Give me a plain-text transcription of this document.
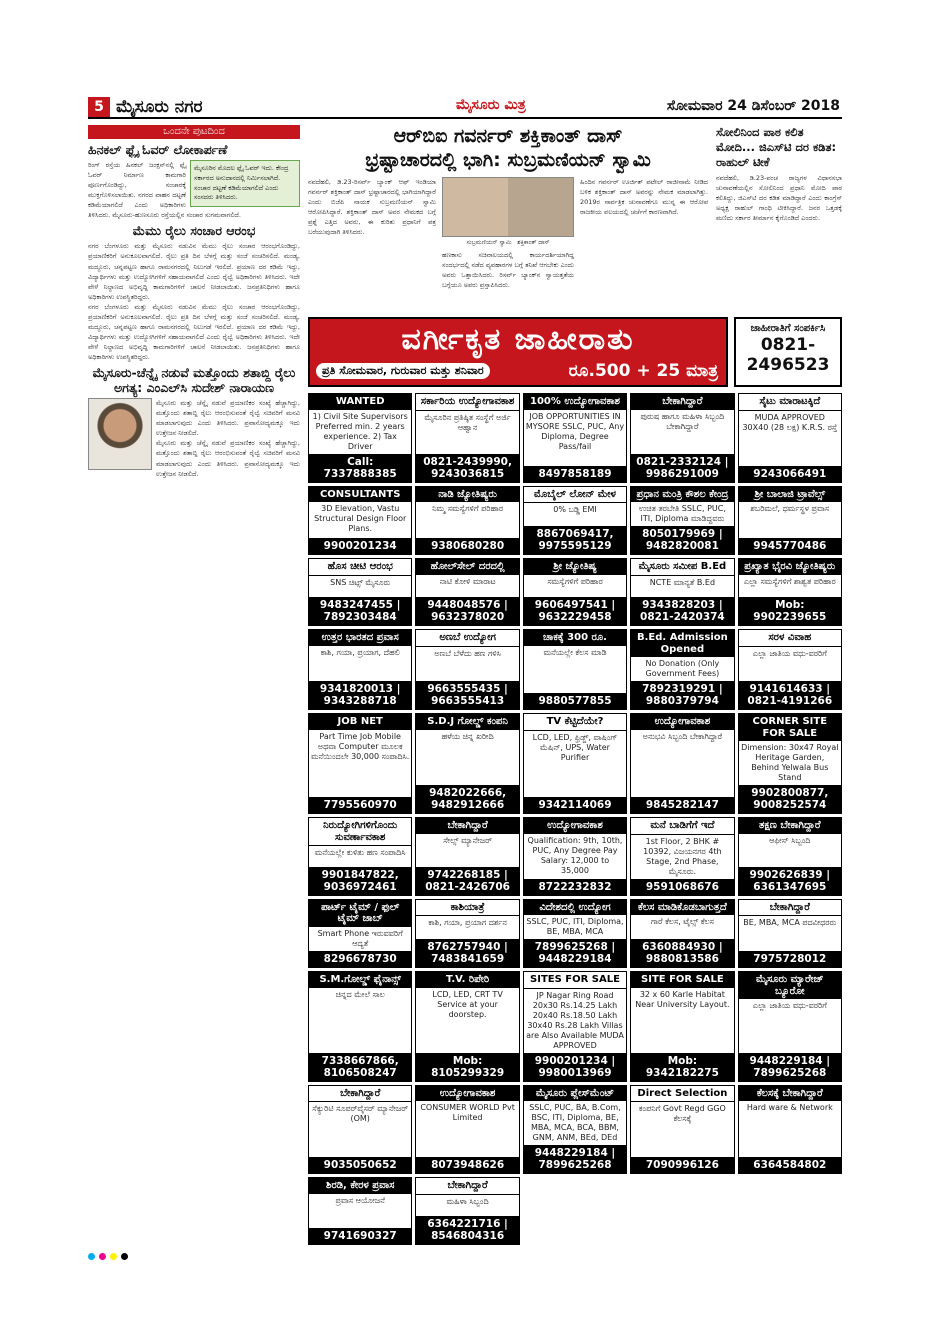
5 ಮೈಸೂರು ನಗರ	ಮೈಸೂರು ಮಿತ್ರ	ಸೋಮವಾರ 24 ಡಿಸೆಂಬರ್ 2018
ಒಂದನೇ ಪುಟದಿಂದ
ಹಿನಕಲ್ ಫ್ಲೈ ಓವರ್ ಲೋಕಾರ್ಪಣೆ
ಮೈಸೂರಿನ ಮೊದಲ ಫ್ಲೈ ಓವರ್ ಇದು. ಕೇಂದ್ರ ಸರ್ಕಾರದ ಅನುದಾನದಲ್ಲಿ ನಿರ್ಮಿಸಲಾಗಿದೆ. ಸಂಚಾರ ದಟ್ಟಣೆ ಕಡಿಮೆಯಾಗಲಿದೆ ಎಂದು ಸಂಸದರು ತಿಳಿಸಿದರು.
ರಿಂಗ್ ರಸ್ತೆಯ ಹಿನಕಲ್ ಜಂಕ್ಷನ್‌ನಲ್ಲಿ ಫ್ಲೈ ಓವರ್ ನಿರ್ಮಾಣ ಕಾಮಗಾರಿ ಪೂರ್ಣಗೊಂಡಿದ್ದು, ಸಂಚಾರಕ್ಕೆ ಮುಕ್ತಗೊಳಿಸಲಾಯಿತು. ನಗರದ ವಾಹನ ದಟ್ಟಣೆ ಕಡಿಮೆಯಾಗಲಿದೆ ಎಂದು ಅಧಿಕಾರಿಗಳು ತಿಳಿಸಿದರು. ಮೈಸೂರು-ಹುಣಸೂರು ರಸ್ತೆಯಲ್ಲಿನ ಸಂಚಾರ ಸುಗಮವಾಗಲಿದೆ.
ಮೆಮು ರೈಲು ಸಂಚಾರ ಆರಂಭ
ನಗರ ಬೆಂಗಳೂರು ಮತ್ತು ಮೈಸೂರು ನಡುವಿನ ಮೆಮು ರೈಲು ಸಂಚಾರ ಆರಂಭಗೊಂಡಿದ್ದು, ಪ್ರಯಾಣಿಕರಿಗೆ ಅನುಕೂಲವಾಗಲಿದೆ. ರೈಲು ಪ್ರತಿ ದಿನ ಬೆಳಗ್ಗೆ ಮತ್ತು ಸಂಜೆ ಸಂಚರಿಸಲಿದೆ. ಮಂಡ್ಯ, ಮದ್ದೂರು, ಚನ್ನಪಟ್ಟಣ ಹಾಗೂ ರಾಮನಗರದಲ್ಲಿ ನಿಲುಗಡೆ ಇರಲಿದೆ. ಪ್ರಯಾಣ ದರ ಕಡಿಮೆ ಇದ್ದು, ವಿದ್ಯಾರ್ಥಿಗಳು ಮತ್ತು ಉದ್ಯೋಗಿಗಳಿಗೆ ಸಹಾಯವಾಗಲಿದೆ ಎಂದು ರೈಲ್ವೆ ಅಧಿಕಾರಿಗಳು ತಿಳಿಸಿದರು. ಇದೇ ವೇಳೆ ನಿಲ್ದಾಣದ ಅಭಿವೃದ್ಧಿ ಕಾಮಗಾರಿಗಳಿಗೆ ಚಾಲನೆ ನೀಡಲಾಯಿತು. ಜನಪ್ರತಿನಿಧಿಗಳು ಹಾಗೂ ಅಧಿಕಾರಿಗಳು ಉಪಸ್ಥಿತರಿದ್ದರು.
ನಗರ ಬೆಂಗಳೂರು ಮತ್ತು ಮೈಸೂರು ನಡುವಿನ ಮೆಮು ರೈಲು ಸಂಚಾರ ಆರಂಭಗೊಂಡಿದ್ದು, ಪ್ರಯಾಣಿಕರಿಗೆ ಅನುಕೂಲವಾಗಲಿದೆ. ರೈಲು ಪ್ರತಿ ದಿನ ಬೆಳಗ್ಗೆ ಮತ್ತು ಸಂಜೆ ಸಂಚರಿಸಲಿದೆ. ಮಂಡ್ಯ, ಮದ್ದೂರು, ಚನ್ನಪಟ್ಟಣ ಹಾಗೂ ರಾಮನಗರದಲ್ಲಿ ನಿಲುಗಡೆ ಇರಲಿದೆ. ಪ್ರಯಾಣ ದರ ಕಡಿಮೆ ಇದ್ದು, ವಿದ್ಯಾರ್ಥಿಗಳು ಮತ್ತು ಉದ್ಯೋಗಿಗಳಿಗೆ ಸಹಾಯವಾಗಲಿದೆ ಎಂದು ರೈಲ್ವೆ ಅಧಿಕಾರಿಗಳು ತಿಳಿಸಿದರು. ಇದೇ ವೇಳೆ ನಿಲ್ದಾಣದ ಅಭಿವೃದ್ಧಿ ಕಾಮಗಾರಿಗಳಿಗೆ ಚಾಲನೆ ನೀಡಲಾಯಿತು. ಜನಪ್ರತಿನಿಧಿಗಳು ಹಾಗೂ ಅಧಿಕಾರಿಗಳು ಉಪಸ್ಥಿತರಿದ್ದರು.
ಮೈಸೂರು-ಚೆನ್ನೈ ನಡುವೆ ಮತ್ತೊಂದು ಶತಾಬ್ದಿ ರೈಲು ಅಗತ್ಯ: ಎಂಎಲ್‌ಸಿ ಸುದೇಶ್ ನಾರಾಯಣ
ಮೈಸೂರು ಮತ್ತು ಚೆನ್ನೈ ನಡುವೆ ಪ್ರಯಾಣಿಕರ ಸಂಖ್ಯೆ ಹೆಚ್ಚಾಗಿದ್ದು, ಮತ್ತೊಂದು ಶತಾಬ್ದಿ ರೈಲು ಆರಂಭಿಸುವಂತೆ ರೈಲ್ವೆ ಸಚಿವರಿಗೆ ಮನವಿ ಮಾಡಲಾಗುವುದು ಎಂದು ತಿಳಿಸಿದರು. ಪ್ರವಾಸೋದ್ಯಮಕ್ಕೂ ಇದು ಉತ್ತೇಜನ ನೀಡಲಿದೆ.
ಮೈಸೂರು ಮತ್ತು ಚೆನ್ನೈ ನಡುವೆ ಪ್ರಯಾಣಿಕರ ಸಂಖ್ಯೆ ಹೆಚ್ಚಾಗಿದ್ದು, ಮತ್ತೊಂದು ಶತಾಬ್ದಿ ರೈಲು ಆರಂಭಿಸುವಂತೆ ರೈಲ್ವೆ ಸಚಿವರಿಗೆ ಮನವಿ ಮಾಡಲಾಗುವುದು ಎಂದು ತಿಳಿಸಿದರು. ಪ್ರವಾಸೋದ್ಯಮಕ್ಕೂ ಇದು ಉತ್ತೇಜನ ನೀಡಲಿದೆ.
ಆರ್‌ಬಿಐ ಗವರ್ನರ್ ಶಕ್ತಿಕಾಂತ್ ದಾಸ್
ಭ್ರಷ್ಟಾಚಾರದಲ್ಲಿ ಭಾಗಿ: ಸುಬ್ರಮಣಿಯನ್ ಸ್ವಾಮಿ
ನವದೆಹಲಿ, ಡಿ.23-ರಿಸರ್ವ್ ಬ್ಯಾಂಕ್ ಆಫ್ ಇಂಡಿಯಾ ಗವರ್ನರ್ ಶಕ್ತಿಕಾಂತ್ ದಾಸ್ ಭ್ರಷ್ಟಾಚಾರದಲ್ಲಿ ಭಾಗಿಯಾಗಿದ್ದಾರೆ ಎಂದು ಬಿಜೆಪಿ ನಾಯಕ ಸುಬ್ರಮಣಿಯನ್ ಸ್ವಾಮಿ ಆರೋಪಿಸಿದ್ದಾರೆ. ಶಕ್ತಿಕಾಂತ್ ದಾಸ್ ಅವರ ನೇಮಕದ ಬಗ್ಗೆ ಪ್ರಶ್ನೆ ಎತ್ತಿದ ಅವರು, ಈ ಕುರಿತು ಪ್ರಧಾನಿಗೆ ಪತ್ರ ಬರೆಯುವುದಾಗಿ ತಿಳಿಸಿದರು.
ಸುಬ್ರಮಣಿಯನ್ ಸ್ವಾಮಿ ಶಕ್ತಿಕಾಂತ್ ದಾಸ್
ಹಣಕಾಸು ಸಚಿವಾಲಯದಲ್ಲಿ ಕಾರ್ಯದರ್ಶಿಯಾಗಿದ್ದ ಸಂದರ್ಭದಲ್ಲಿ ನಡೆದ ವ್ಯವಹಾರಗಳ ಬಗ್ಗೆ ತನಿಖೆ ಆಗಬೇಕು ಎಂದು ಅವರು ಒತ್ತಾಯಿಸಿದರು. ರಿಸರ್ವ್ ಬ್ಯಾಂಕ್‌ನ ಸ್ವಾಯತ್ತತೆಯ ಬಗ್ಗೆಯೂ ಅವರು ಪ್ರಸ್ತಾಪಿಸಿದರು.
ಹಿಂದಿನ ಗವರ್ನರ್ ಊರ್ಜಿತ್ ಪಟೇಲ್ ರಾಜೀನಾಮೆ ನೀಡಿದ ಬಳಿಕ ಶಕ್ತಿಕಾಂತ್ ದಾಸ್ ಅವರನ್ನು ನೇಮಕ ಮಾಡಲಾಗಿತ್ತು. 2019ರ ಸಾರ್ವತ್ರಿಕ ಚುನಾವಣೆಗೂ ಮುನ್ನ ಈ ಆರೋಪ ರಾಜಕೀಯ ವಲಯದಲ್ಲಿ ಚರ್ಚೆಗೆ ಕಾರಣವಾಗಿದೆ.
ಸೋಲಿನಿಂದ ಪಾಠ ಕಲಿತ ಮೋದಿ... ಜಿಎಸ್‌ಟಿ ದರ ಕಡಿತ: ರಾಹುಲ್ ಟೀಕೆ
ನವದೆಹಲಿ, ಡಿ.23-ಪಂಚ ರಾಜ್ಯಗಳ ವಿಧಾನಸಭಾ ಚುನಾವಣೆಯಲ್ಲಿನ ಸೋಲಿನಿಂದ ಪ್ರಧಾನಿ ಮೋದಿ ಪಾಠ ಕಲಿತಿದ್ದು, ಜಿಎಸ್‌ಟಿ ದರ ಕಡಿತ ಮಾಡಿದ್ದಾರೆ ಎಂದು ಕಾಂಗ್ರೆಸ್ ಅಧ್ಯಕ್ಷ ರಾಹುಲ್ ಗಾಂಧಿ ಟೀಕಿಸಿದ್ದಾರೆ. ಜನರ ಒತ್ತಡಕ್ಕೆ ಮಣಿದು ಸರ್ಕಾರ ತೀರ್ಮಾನ ಕೈಗೊಂಡಿದೆ ಎಂದರು.
ವರ್ಗೀಕೃತ ಜಾಹೀರಾತು
ಪ್ರತಿ ಸೋಮವಾರ, ಗುರುವಾರ ಮತ್ತು ಶನಿವಾರ	ರೂ.500 + 25 ಮಾತ್ರ
ಜಾಹೀರಾತಿಗೆ ಸಂಪರ್ಕಿಸಿ
0821-
2496523
WANTED
1) Civil Site Supervisors Preferred min. 2 years experience. 2) Tax Driver
Call: 7337888385
ಸರ್ಕಾರಿಯ ಉದ್ಯೋಗಾವಕಾಶ
ಮೈಸೂರಿನ ಪ್ರತಿಷ್ಠಿತ ಸಂಸ್ಥೆಗೆ ಅರ್ಜಿ ಆಹ್ವಾನ
0821-2439990, 9243036815
100% ಉದ್ಯೋಗಾವಕಾಶ
JOB OPPORTUNITIES IN MYSORE SSLC, PUC, Any Diploma, Degree Pass/fail
8497858189
ಬೇಕಾಗಿದ್ದಾರೆ
ಪುರುಷ ಹಾಗೂ ಮಹಿಳಾ ಸಿಬ್ಬಂದಿ ಬೇಕಾಗಿದ್ದಾರೆ
0821-2332124 | 9986291009
ಸೈಟು ಮಾರಾಟಕ್ಕಿದೆ
MUDA APPROVED 30X40 (28 ಲಕ್ಷ) K.R.S. ರಸ್ತೆ
9243066491
CONSULTANTS
3D Elevation, Vastu Structural Design Floor Plans.
9900201234
ನಾಡಿ ಜ್ಯೋತಿಷ್ಯರು
ನಿಮ್ಮ ಸಮಸ್ಯೆಗಳಿಗೆ ಪರಿಹಾರ
9380680280
ಮೊಬೈಲ್ ಲೋನ್ ಮೇಳ
0% ಬಡ್ಡಿ EMI
8867069417, 9975595129
ಪ್ರಧಾನ ಮಂತ್ರಿ ಕೌಶಲ ಕೇಂದ್ರ
ಉಚಿತ ತರಬೇತಿ SSLC, PUC, ITI, Diploma ಮಾಡಿದ್ದವರು
8050179969 | 9482820081
ಶ್ರೀ ಬಾಲಾಜಿ ಟ್ರಾವೆಲ್ಸ್
ಶಬರಿಮಲೆ, ಧರ್ಮಸ್ಥಳ ಪ್ರವಾಸ
9945770486
ಹೊಸ ಚೀಟಿ ಆರಂಭ
SNS ಚಿಟ್ಸ್ ಮೈಸೂರು
9483247455 | 7892303484
ಹೋಲ್‌ಸೇಲ್ ದರದಲ್ಲಿ
ನಾಟಿ ಕೋಳಿ ಮಾರಾಟ
9448048576 | 9632378020
ಶ್ರೀ ಜ್ಯೋತಿಷ್ಯ
ಸಮಸ್ಯೆಗಳಿಗೆ ಪರಿಹಾರ
9606497541 | 9632229458
ಮೈಸೂರು ಸಮೀಪ B.Ed
NCTE ಮಾನ್ಯತೆ B.Ed
9343828203 | 0821-2420374
ಪ್ರಖ್ಯಾತ ಭೈರವಿ ಜ್ಯೋತಿಷ್ಯರು
ಎಲ್ಲಾ ಸಮಸ್ಯೆಗಳಿಗೆ ಶಾಶ್ವತ ಪರಿಹಾರ
Mob: 9902239655
ಉತ್ತರ ಭಾರತದ ಪ್ರವಾಸ
ಕಾಶಿ, ಗಯಾ, ಪ್ರಯಾಗ, ದೆಹಲಿ
9341820013 | 9343288718
ಅಣಬೆ ಉದ್ಯೋಗ
ಅಣಬೆ ಬೆಳೆದು ಹಣ ಗಳಿಸಿ
9663555435 | 9663555413
ಚಾಕಕ್ಕೆ 300 ರೂ.
ಮನೆಯಲ್ಲೇ ಕೆಲಸ ಮಾಡಿ
9880577855
B.Ed. Admission Opened
No Donation (Only Government Fees)
7892319291 | 9880379794
ಸರಳ ವಿವಾಹ
ಎಲ್ಲಾ ಜಾತಿಯ ವಧು-ವರರಿಗೆ
9141614633 | 0821-4191266
JOB NET
Part Time Job Mobile ಅಥವಾ Computer ಮೂಲಕ ಮನೆಯಿಂದಲೇ 30,000 ಸಂಪಾದಿಸಿ.
7795560970
S.D.J ಗೋಲ್ಡ್ ಕಂಪನಿ
ಹಳೆಯ ಚಿನ್ನ ಖರೀದಿ
9482022666, 9482912666
TV ಕೆಟ್ಟಿದೆಯೇ?
LCD, LED, ಫ್ರಿಡ್ಜ್, ವಾಷಿಂಗ್ ಮೆಷಿನ್, UPS, Water Purifier
9342114069
ಉದ್ಯೋಗಾವಕಾಶ
ಅನುಭವಿ ಸಿಬ್ಬಂದಿ ಬೇಕಾಗಿದ್ದಾರೆ
9845282147
CORNER SITE FOR SALE
Dimension: 30x47 Royal Heritage Garden, Behind Yelwala Bus Stand
9902800877, 9008252574
ನಿರುದ್ಯೋಗಿಗಳಿಗೊಂದು ಸುವರ್ಣಾವಕಾಶ
ಮನೆಯಲ್ಲೇ ಕುಳಿತು ಹಣ ಸಂಪಾದಿಸಿ
9901847822, 9036972461
ಬೇಕಾಗಿದ್ದಾರೆ
ಸೇಲ್ಸ್ ಮ್ಯಾನೇಜರ್
9742268185 | 0821-2426706
ಉದ್ಯೋಗಾವಕಾಶ
Qualification: 9th, 10th, PUC, Any Degree Pay Salary: 12,000 to 35,000
8722232832
ಮನೆ ಬಾಡಿಗೆಗೆ ಇದೆ
1st Floor, 2 BHK # 10392, ವಿಜಯನಗರ 4th Stage, 2nd Phase, ಮೈಸೂರು.
9591068676
ತಕ್ಷಣ ಬೇಕಾಗಿದ್ದಾರೆ
ಆಫೀಸ್ ಸಿಬ್ಬಂದಿ
9902626839 | 6361347695
ಪಾರ್ಟ್ ಟೈಮ್ / ಫುಲ್ ಟೈಮ್ ಜಾಬ್
Smart Phone ಇರುವವರಿಗೆ ಆದ್ಯತೆ
8296678730
ಕಾಶಿಯಾತ್ರೆ
ಕಾಶಿ, ಗಯಾ, ಪ್ರಯಾಗ ದರ್ಶನ
8762757940 | 7483841659
ವಿದೇಶದಲ್ಲಿ ಉದ್ಯೋಗ
SSLC, PUC, ITI, Diploma, BE, MBA, MCA
7899625268 | 9448229184
ಕೆಲಸ ಮಾಡಿಕೊಡಬಾಗುತ್ತದೆ
ಗಾರೆ ಕೆಲಸ, ಟೈಲ್ಸ್ ಕೆಲಸ
6360884930 | 9880813586
ಬೇಕಾಗಿದ್ದಾರೆ
BE, MBA, MCA ಪದವೀಧರರು
7975728012
S.M.ಗೋಲ್ಡ್ ಫೈನಾನ್ಸ್
ಚಿನ್ನದ ಮೇಲೆ ಸಾಲ
7338667866, 8106508247
T.V. ರಿಪೇರಿ
LCD, LED, CRT TV Service at your doorstep.
Mob: 8105299329
SITES FOR SALE
JP Nagar Ring Road 20x30 Rs.14.25 Lakh 20x40 Rs.18.50 Lakh 30x40 Rs.28 Lakh Villas are Also Available MUDA APPROVED
9900201234 | 9980013969
SITE FOR SALE
32 x 60 Karle Habitat Near University Layout.
Mob: 9342182275
ಮೈಸೂರು ಮ್ಯಾರೇಜ್ ಬ್ಯೂರೋ
ಎಲ್ಲಾ ಜಾತಿಯ ವಧು-ವರರಿಗೆ
9448229184 | 7899625268
ಬೇಕಾಗಿದ್ದಾರೆ
ಸೆಕ್ಯುರಿಟಿ ಸೂಪರ್‌ವೈಸರ್ ಮ್ಯಾನೇಜರ್ (OM)
9035050652
ಉದ್ಯೋಗಾವಕಾಶ
CONSUMER WORLD Pvt Limited
8073948626
ಮೈಸೂರು ಪ್ಲೇಸ್‌ಮೆಂಟ್
SSLC, PUC, BA, B.Com, BSC, ITI, Diploma, BE, MBA, MCA, BCA, BBM, GNM, ANM, BEd, DEd
9448229184 | 7899625268
Direct Selection
ಕಂಪನಿಗೆ Govt Regd GGO ಕೆಲಸಕ್ಕೆ
7090996126
ಕೆಲಸಕ್ಕೆ ಬೇಕಾಗಿದ್ದಾರೆ
Hard ware & Network
6364584802
ಶಿರಡಿ, ಕೇರಳ ಪ್ರವಾಸ
ಪ್ರವಾಸ ಆಯೋಜನೆ
9741690327
ಬೇಕಾಗಿದ್ದಾರೆ
ಮಹಿಳಾ ಸಿಬ್ಬಂದಿ
6364221716 | 8546804316
